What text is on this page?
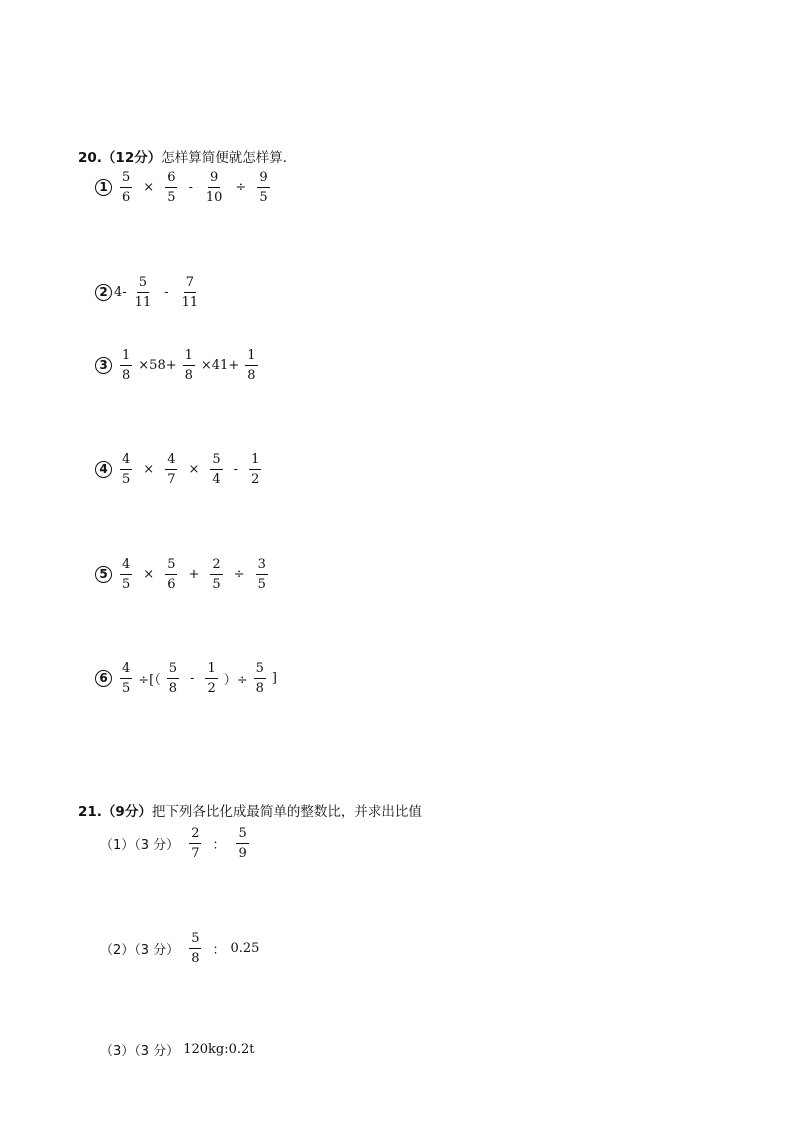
20.（12分）怎样算简便就怎样算．
$1 \frac{5}{6} \times \frac{6}{5} - \frac{9}{10} \div \frac{9}{5}$
2 $4- \frac{5}{11} - \frac{7}{11}$
$3 \frac{1}{8} \times 58+ \frac{1}{8} \times 41+ \frac{1}{8}$
$4 \frac{4}{5} \times \frac{4}{7} \times \frac{5}{4} - \frac{1}{2}$
$5 \frac{4}{5} \times \frac{5}{6} + \frac{2}{5} \div \frac{3}{5}$
$6 \frac{4}{5}$ ÷[（ $\frac{5}{8} - \frac{1}{2}$ ）÷ $\frac{5}{8}$ ]
21.（9分）把下列各比化成最简单的整数比，并求出比值
（1）（3 分） $\frac{2}{7}$ ： $\frac{5}{9}$
（2）（3 分） $\frac{5}{8}$ ： 0.25
（3）（3 分） 120kg:0.2t
